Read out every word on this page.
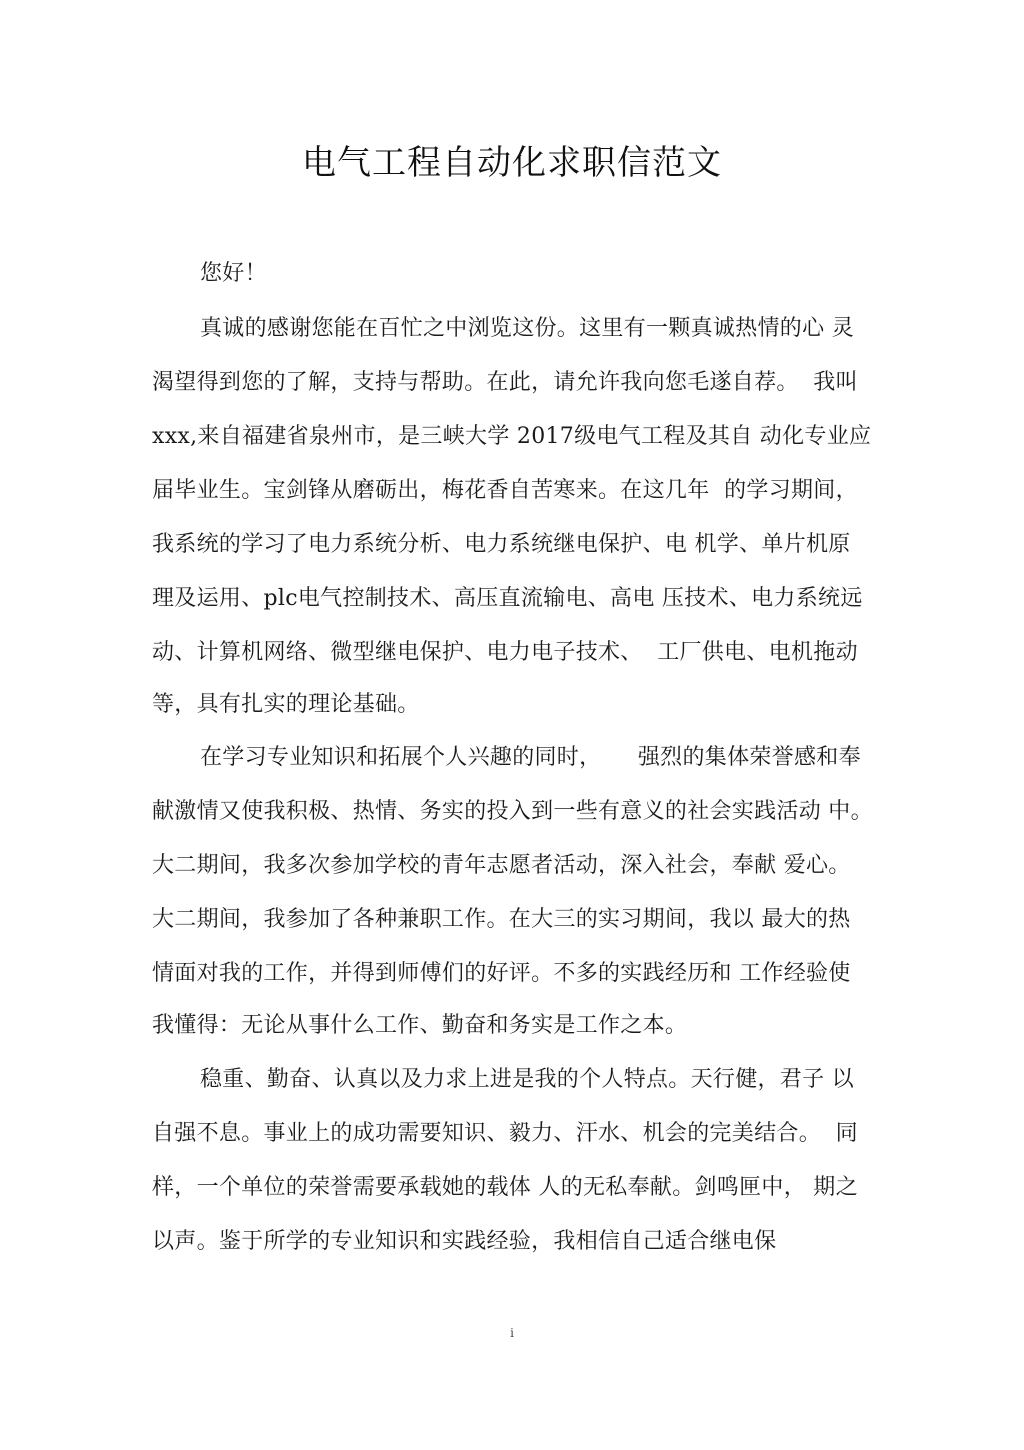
电气工程自动化求职信范文
您好！
真诚的感谢您能在百忙之中浏览这份。这里有一颗真诚热情的心 灵
渴望得到您的了解，支持与帮助。在此，请允许我向您毛遂自荐。  我叫
xxx,来自福建省泉州市，是三峡大学 2017级电气工程及其自 动化专业应
届毕业生。宝剑锋从磨砺出，梅花香自苦寒来。在这几年  的学习期间，
我系统的学习了电力系统分析、电力系统继电保护、电 机学、单片机原
理及运用、plc电气控制技术、高压直流输电、高电 压技术、电力系统远
动、计算机网络、微型继电保护、电力电子技术、  工厂供电、电机拖动
等，具有扎实的理论基础。
在学习专业知识和拓展个人兴趣的同时，     强烈的集体荣誉感和奉
献激情又使我积极、热情、务实的投入到一些有意义的社会实践活动 中。
大二期间，我多次参加学校的青年志愿者活动，深入社会，奉献 爱心。
大二期间，我参加了各种兼职工作。在大三的实习期间，我以 最大的热
情面对我的工作，并得到师傅们的好评。不多的实践经历和 工作经验使
我懂得：无论从事什么工作、勤奋和务实是工作之本。
稳重、勤奋、认真以及力求上进是我的个人特点。天行健，君子 以
自强不息。事业上的成功需要知识、毅力、汗水、机会的完美结合。  同
样，一个单位的荣誉需要承载她的载体 人的无私奉献。剑鸣匣中， 期之
以声。鉴于所学的专业知识和实践经验，我相信自己适合继电保
i
